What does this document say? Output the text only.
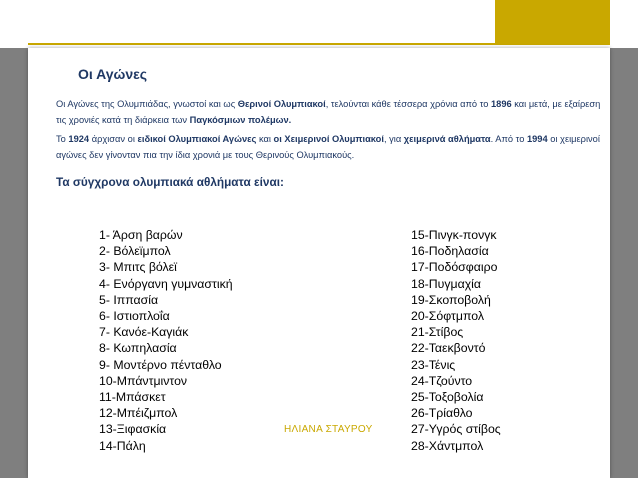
Οι Αγώνες

Οι Αγώνες της Ολυμπιάδας, γνωστοί και ως Θερινοί Ολυμπιακοί, τελούνται κάθε τέσσερα χρόνια από το 1896 και μετά, με εξαίρεση τις χρονιές κατά τη διάρκεια των Παγκόσμιων πολέμων.

Το 1924 άρχισαν οι ειδικοί Ολυμπιακοί Αγώνες και οι Χειμερινοί Ολυμπιακοί, για χειμερινά αθλήματα. Από το 1994 οι χειμερινοί αγώνες δεν γίνονταν πια την ίδια χρονιά με τους Θερινούς Ολυμπιακούς.

Τα σύγχρονα ολυμπιακά αθλήματα είναι:
1- Άρση βαρών
2- Βόλεϊμπολ
3- Μπιτς βόλεϊ
4- Ενόργανη γυμναστική
5- Ιππασία
6- Ιστιοπλοΐα
7- Κανόε-Καγιάκ
8- Κωπηλασία
9- Μοντέρνο πένταθλο
10-Μπάντμιντον
11-Μπάσκετ
12-Μπέιζμπολ
13-Ξιφασκία
14-Πάλη
15-Πινγκ-πονγκ
16-Ποδηλασία
17-Ποδόσφαιρο
18-Πυγμαχία
19-Σκοποβολή
20-Σόφτμπολ
21-Στίβος
22-Ταεκβοντό
23-Τένις
24-Τζούντο
25-Τοξοβολία
26-Τρίαθλο
27-Υγρός στίβος
28-Χάντμπολ
ΗΛΙΑΝΑ ΣΤΑΥΡΟΥ
